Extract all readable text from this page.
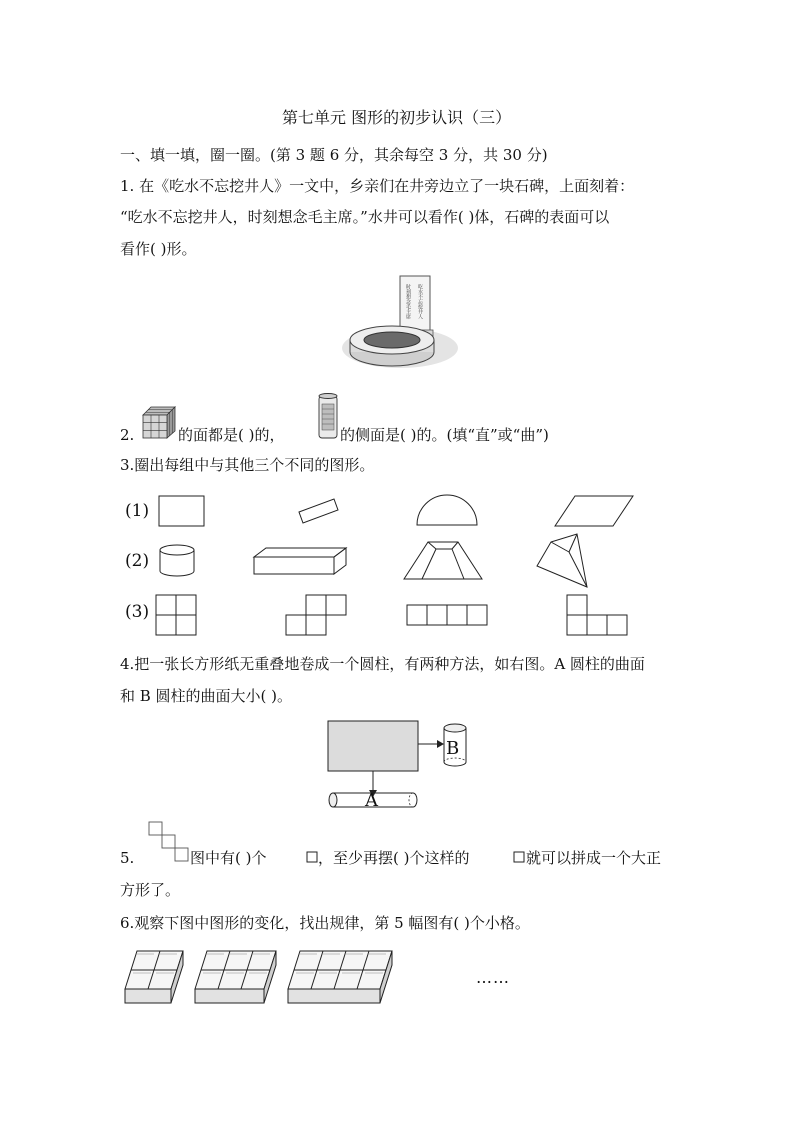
第七单元 图形的初步认识（三）
一、填一填，圈一圈。(第 3 题 6 分，其余每空 3 分，共 30 分)
1. 在《吃水不忘挖井人》一文中，乡亲们在井旁边立了一块石碑，上面刻着：
“吃水不忘挖井人，时刻想念毛主席。”水井可以看作( )体，石碑的表面可以
看作( )形。
时刻想念毛主席 吃水不忘挖井人
2.	的面都是( )的，	的侧面是( )的。(填“直”或“曲”)
3.圈出每组中与其他三个不同的图形。
(1)
(2)
(3)
4.把一张长方形纸无重叠地卷成一个圆柱，有两种方法，如右图。A 圆柱的曲面
和 B 圆柱的曲面大小( )。
B
A
5.	图中有( )个	，至少再摆( )个这样的	就可以拼成一个大正
方形了。
6.观察下图中图形的变化，找出规律，第 5 幅图有( )个小格。
……
